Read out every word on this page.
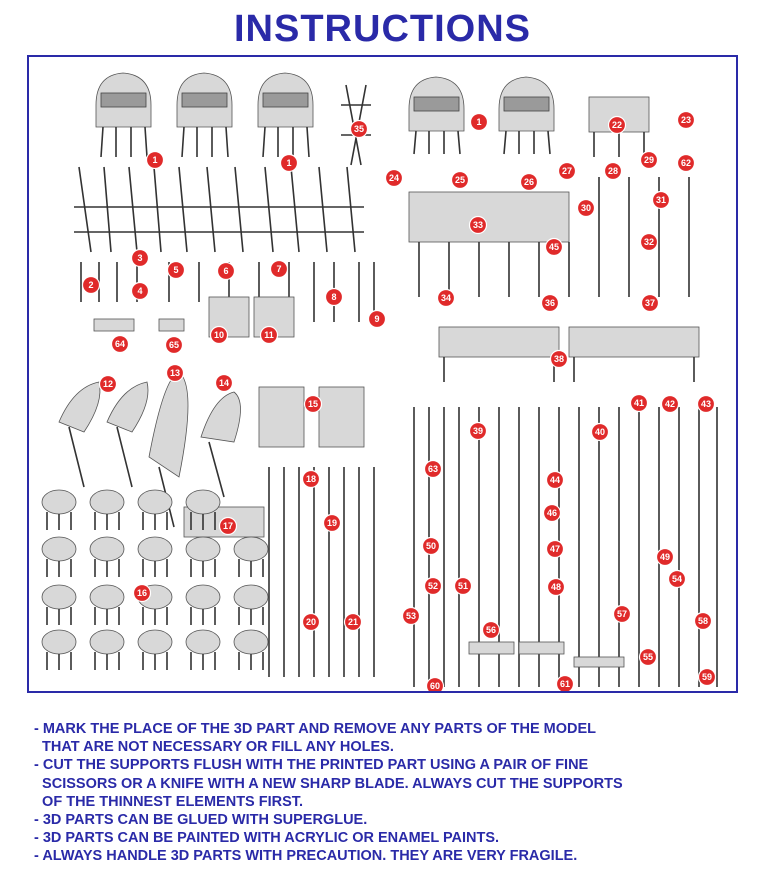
INSTRUCTIONS
1	1
1
35
2
3
4
5	6	7
8
9
64	65
10	11
22	23
62
24	25	26
27	28
29
30
31
32
33
45
34	36	37
38
12
13
14
15
18
17	19
16
20	21
41 42	43
39	40
63
44
46
47
50
49
52 51	48
54
53
56
57
58
55
60	61
59
- MARK THE PLACE OF THE 3D PART AND REMOVE ANY PARTS OF THE MODEL
THAT ARE NOT NECESSARY OR FILL ANY HOLES.
- CUT THE SUPPORTS FLUSH WITH THE PRINTED PART USING A PAIR OF FINE
SCISSORS OR A KNIFE WITH A NEW SHARP BLADE. ALWAYS CUT THE SUPPORTS
OF THE THINNEST ELEMENTS FIRST.
- 3D PARTS CAN BE GLUED WITH SUPERGLUE.
- 3D PARTS CAN BE PAINTED WITH ACRYLIC OR ENAMEL PAINTS.
- ALWAYS HANDLE 3D PARTS WITH PRECAUTION. THEY ARE VERY FRAGILE.
